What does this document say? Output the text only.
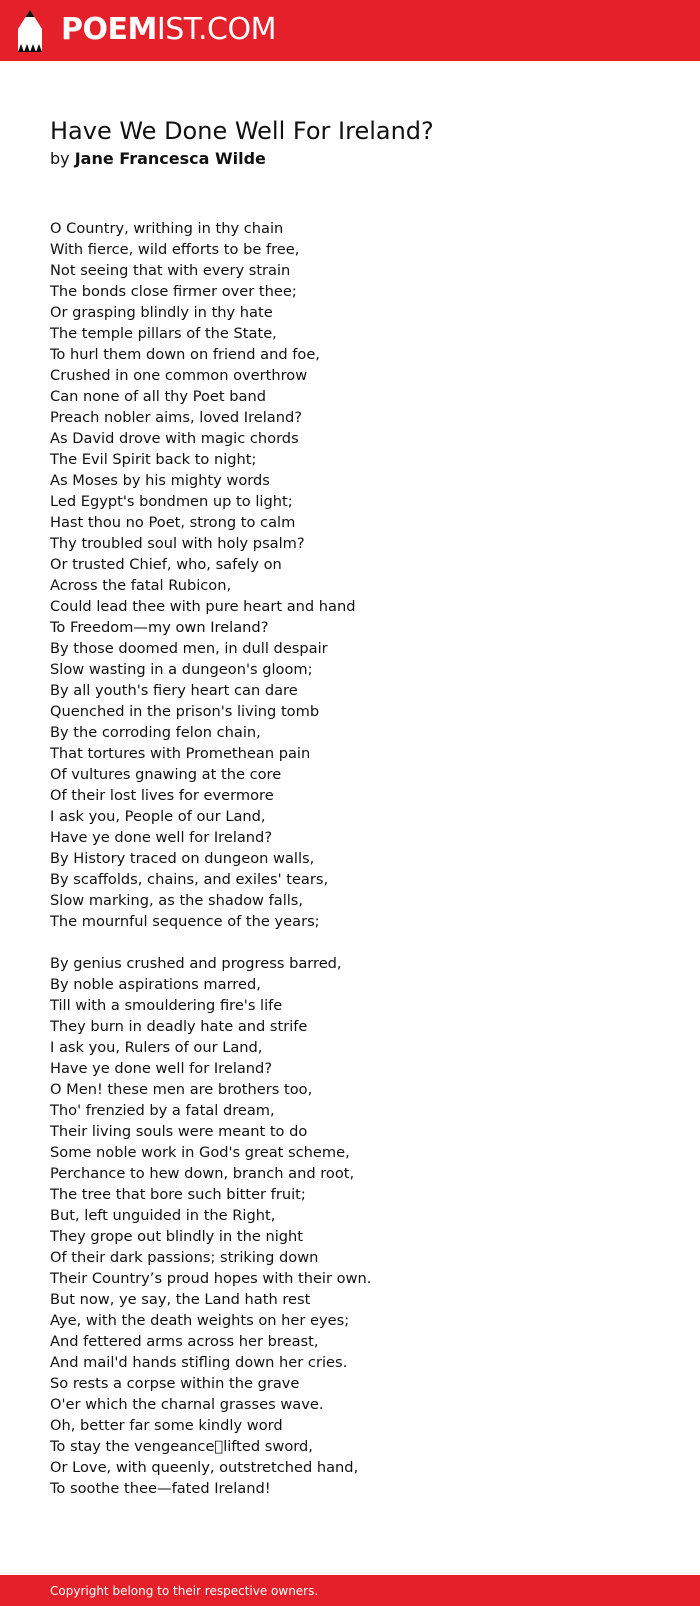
POEMIST.COM
Have We Done Well For Ireland?
by Jane Francesca Wilde
O Country, writhing in thy chain
With fierce, wild efforts to be free,
Not seeing that with every strain
The bonds close firmer over thee;
Or grasping blindly in thy hate
The temple pillars of the State,
To hurl them down on friend and foe,
Crushed in one common overthrow
Can none of all thy Poet band
Preach nobler aims, loved Ireland?
As David drove with magic chords
The Evil Spirit back to night;
As Moses by his mighty words
Led Egypt's bondmen up to light;
Hast thou no Poet, strong to calm
Thy troubled soul with holy psalm?
Or trusted Chief, who, safely on
Across the fatal Rubicon,
Could lead thee with pure heart and hand
To Freedom—my own Ireland?
By those doomed men, in dull despair
Slow wasting in a dungeon's gloom;
By all youth's fiery heart can dare
Quenched in the prison's living tomb
By the corroding felon chain,
That tortures with Promethean pain
Of vultures gnawing at the core
Of their lost lives for evermore
I ask you, People of our Land,
Have ye done well for Ireland?
By History traced on dungeon walls,
By scaffolds, chains, and exiles' tears,
Slow marking, as the shadow falls,
The mournful sequence of the years;
By genius crushed and progress barred,
By noble aspirations marred,
Till with a smouldering fire's life
They burn in deadly hate and strife
I ask you, Rulers of our Land,
Have ye done well for Ireland?
O Men! these men are brothers too,
Tho' frenzied by a fatal dream,
Their living souls were meant to do
Some noble work in God's great scheme,
Perchance to hew down, branch and root,
The tree that bore such bitter fruit;
But, left unguided in the Right,
They grope out blindly in the night
Of their dark passions; striking down
Their Country’s proud hopes with their own.
But now, ye say, the Land hath rest
Aye, with the death weights on her eyes;
And fettered arms across her breast,
And mail'd hands stifling down her cries.
So rests a corpse within the grave
O'er which the charnal grasses wave.
Oh, better far some kindly word
To stay the vengeance􏰀lifted sword,
Or Love, with queenly, outstretched hand,
To soothe thee—fated Ireland!
Copyright belong to their respective owners.
